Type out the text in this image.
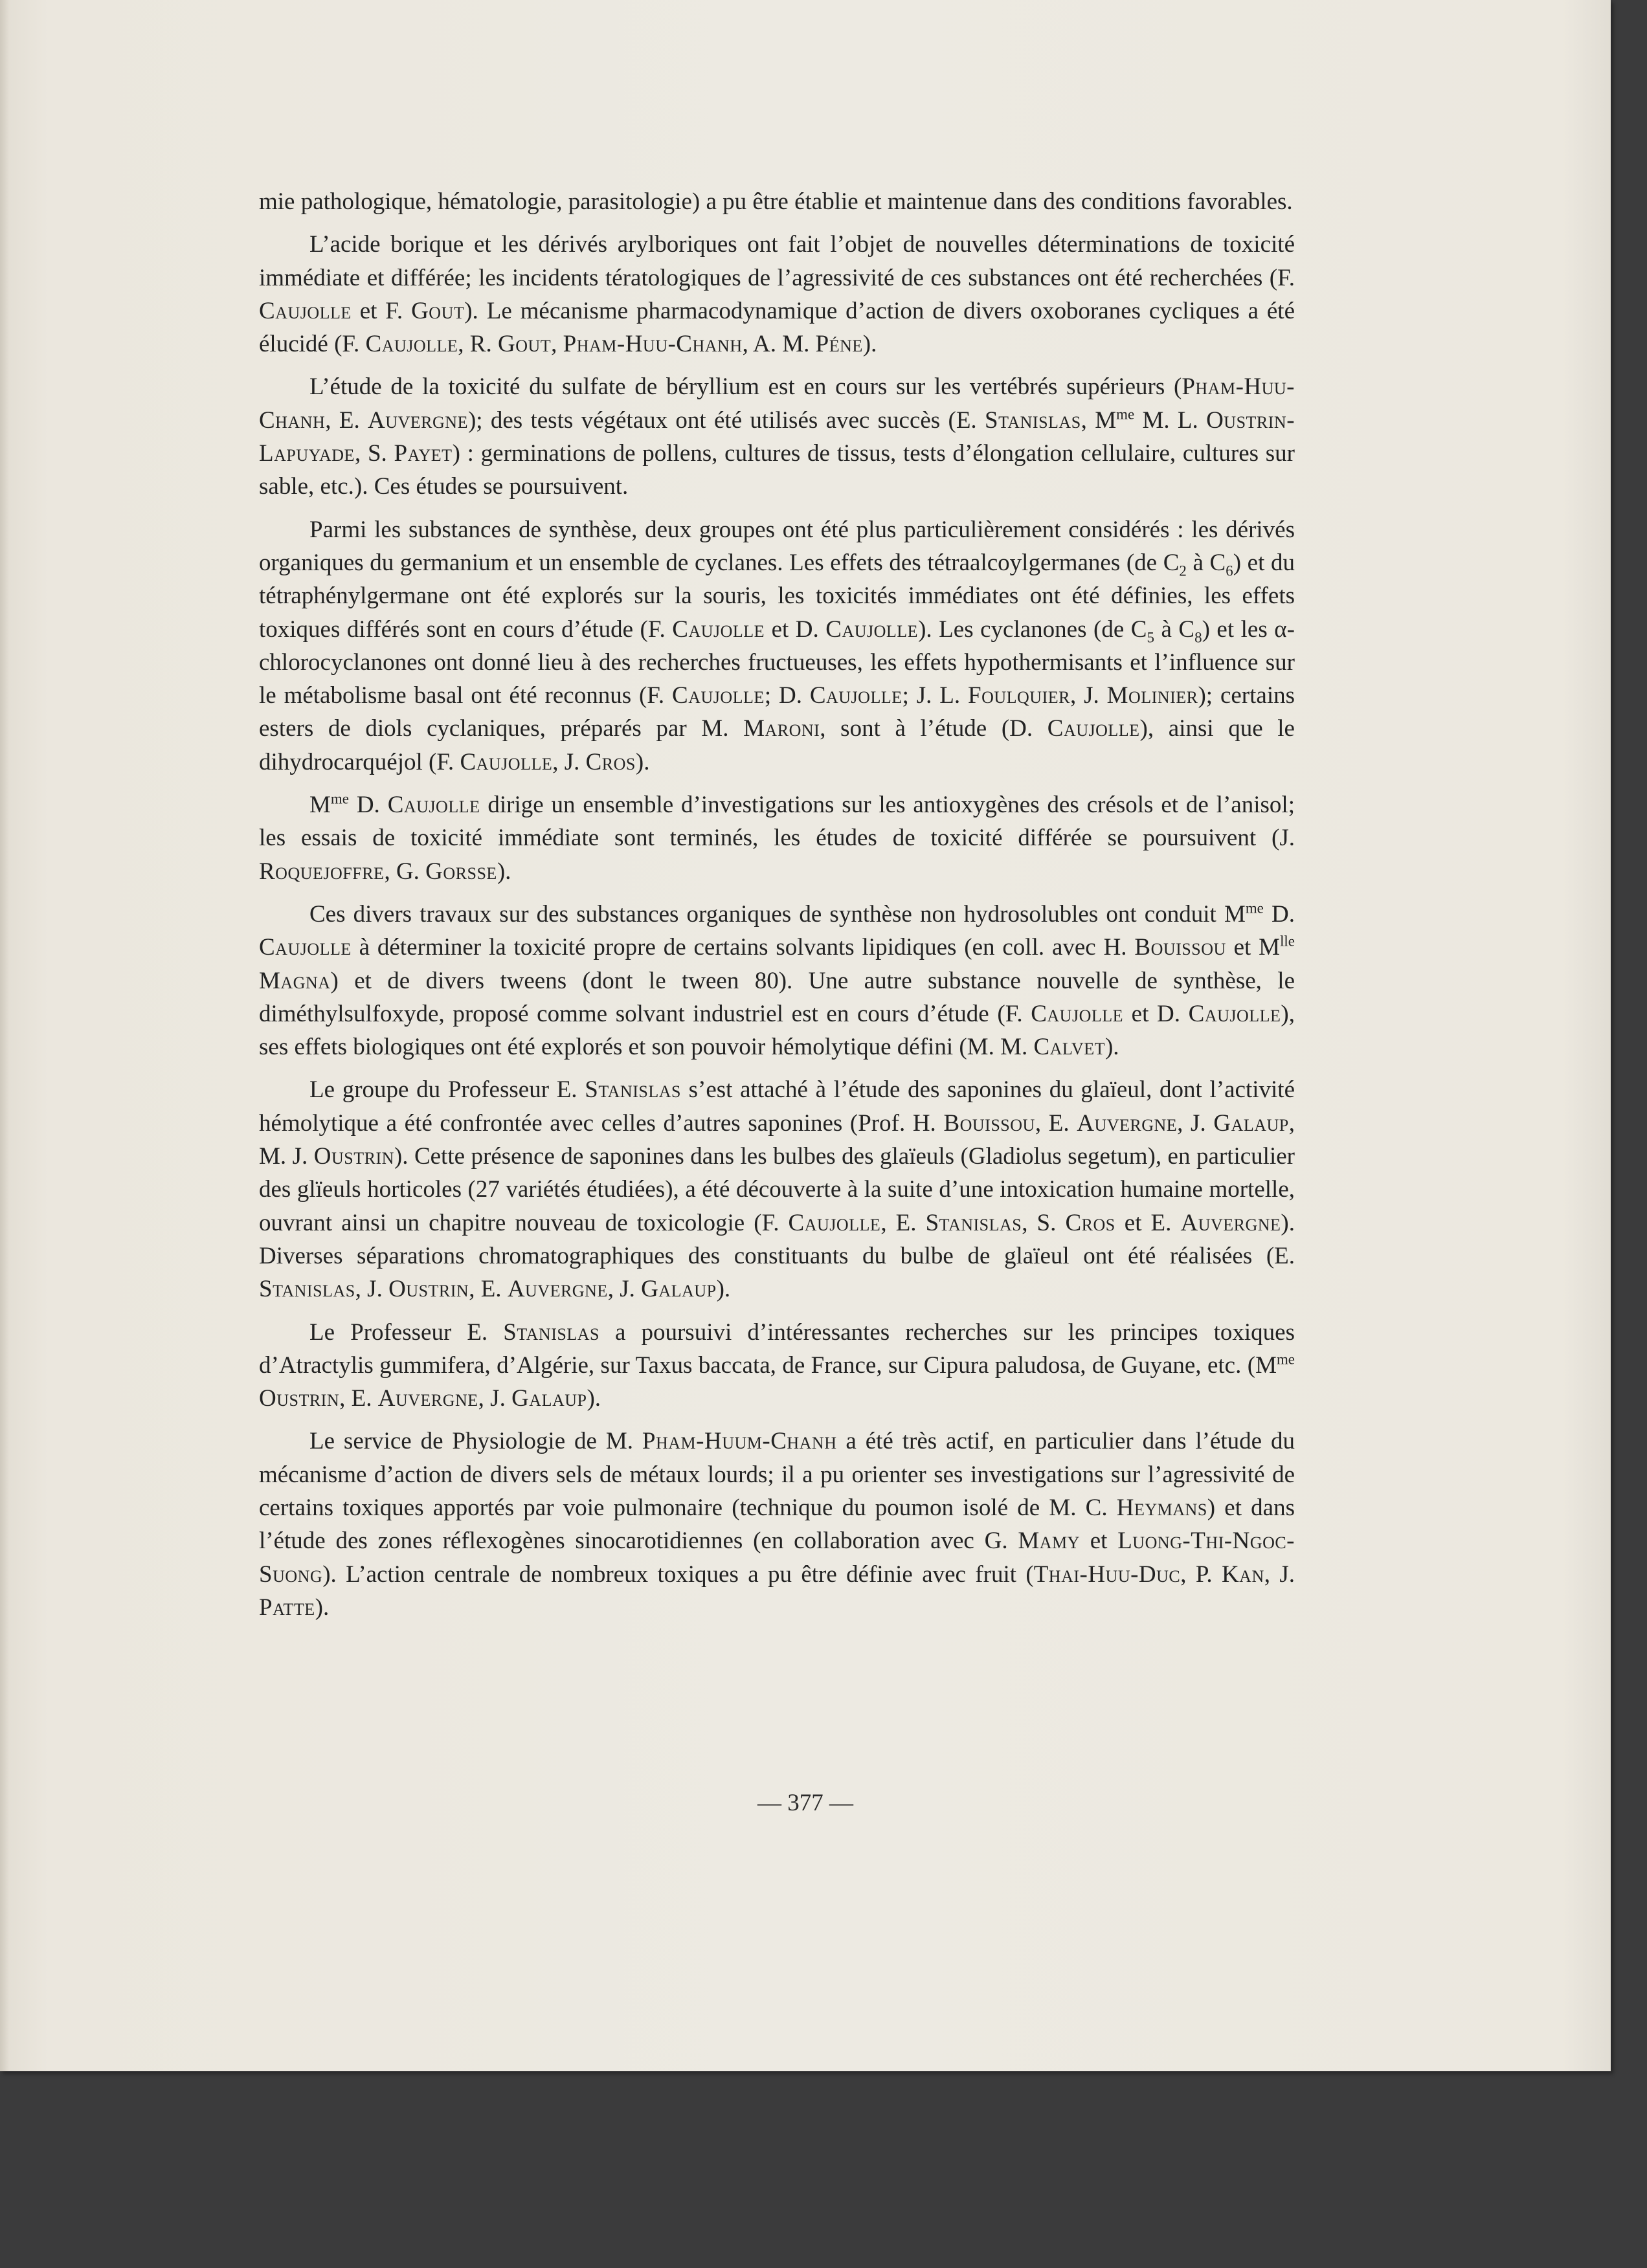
mie pathologique, hématologie, parasitologie) a pu être établie et maintenue dans des conditions favorables.

L’acide borique et les dérivés arylboriques ont fait l’objet de nouvelles déterminations de toxicité immédiate et différée; les incidents tératologiques de l’agressivité de ces substances ont été recherchées (F. Caujolle et F. Gout). Le mécanisme pharmacodynamique d’action de divers oxoboranes cycliques a été élucidé (F. Caujolle, R. Gout, Pham-Huu-Chanh, A. M. Péne).

L’étude de la toxicité du sulfate de béryllium est en cours sur les vertébrés supérieurs (Pham-Huu-Chanh, E. Auvergne); des tests végétaux ont été utilisés avec succès (E. Stanislas, $M^{me}$ M. L. Oustrin-Lapuyade, S. Payet) : germinations de pollens, cultures de tissus, tests d’élongation cellulaire, cultures sur sable, etc.). Ces études se poursuivent.

Parmi les substances de synthèse, deux groupes ont été plus particulièrement considérés : les dérivés organiques du germanium et un ensemble de cyclanes. Les effets des tétraalcoylgermanes (de $C_2$ à $C_6$) et du tétraphénylgermane ont été explorés sur la souris, les toxicités immédiates ont été définies, les effets toxiques différés sont en cours d’étude (F. Caujolle et D. Caujolle). Les cyclanones (de $C_5$ à $C_8$) et les α-chlorocyclanones ont donné lieu à des recherches fructueuses, les effets hypothermisants et l’influence sur le métabolisme basal ont été reconnus (F. Caujolle; D. Caujolle; J. L. Foulquier, J. Molinier); certains esters de diols cyclaniques, préparés par M. Maroni, sont à l’étude (D. Caujolle), ainsi que le dihydrocarquéjol (F. Caujolle, J. Cros).

$M^{me}$ D. Caujolle dirige un ensemble d’investigations sur les antioxygènes des crésols et de l’anisol; les essais de toxicité immédiate sont terminés, les études de toxicité différée se poursuivent (J. Roquejoffre, G. Gorsse).

Ces divers travaux sur des substances organiques de synthèse non hydrosolubles ont conduit $M^{me}$ D. Caujolle à déterminer la toxicité propre de certains solvants lipidiques (en coll. avec H. Bouissou et $M^{lle}$ Magna) et de divers tweens (dont le tween 80). Une autre substance nouvelle de synthèse, le diméthylsulfoxyde, proposé comme solvant industriel est en cours d’étude (F. Caujolle et D. Caujolle), ses effets biologiques ont été explorés et son pouvoir hémolytique défini (M. M. Calvet).

Le groupe du Professeur E. Stanislas s’est attaché à l’étude des saponines du glaïeul, dont l’activité hémolytique a été confrontée avec celles d’autres saponines (Prof. H. Bouissou, E. Auvergne, J. Galaup, M. J. Oustrin). Cette présence de saponines dans les bulbes des glaïeuls (Gladiolus segetum), en particulier des glïeuls horticoles (27 variétés étudiées), a été découverte à la suite d’une intoxication humaine mortelle, ouvrant ainsi un chapitre nouveau de toxicologie (F. Caujolle, E. Stanislas, S. Cros et E. Auvergne). Diverses séparations chromatographiques des constituants du bulbe de glaïeul ont été réalisées (E. Stanislas, J. Oustrin, E. Auvergne, J. Galaup).

Le Professeur E. Stanislas a poursuivi d’intéressantes recherches sur les principes toxiques d’Atractylis gummifera, d’Algérie, sur Taxus baccata, de France, sur Cipura paludosa, de Guyane, etc. ($M^{me}$ Oustrin, E. Auvergne, J. Galaup).

Le service de Physiologie de M. Pham-Huum-Chanh a été très actif, en particulier dans l’étude du mécanisme d’action de divers sels de métaux lourds; il a pu orienter ses investigations sur l’agressivité de certains toxiques apportés par voie pulmonaire (technique du poumon isolé de M. C. Heymans) et dans l’étude des zones réflexogènes sinocarotidiennes (en collaboration avec G. Mamy et Luong-Thi-Ngoc-Suong). L’action centrale de nombreux toxiques a pu être définie avec fruit (Thai-Huu-Duc, P. Kan, J. Patte).

— 377 —
